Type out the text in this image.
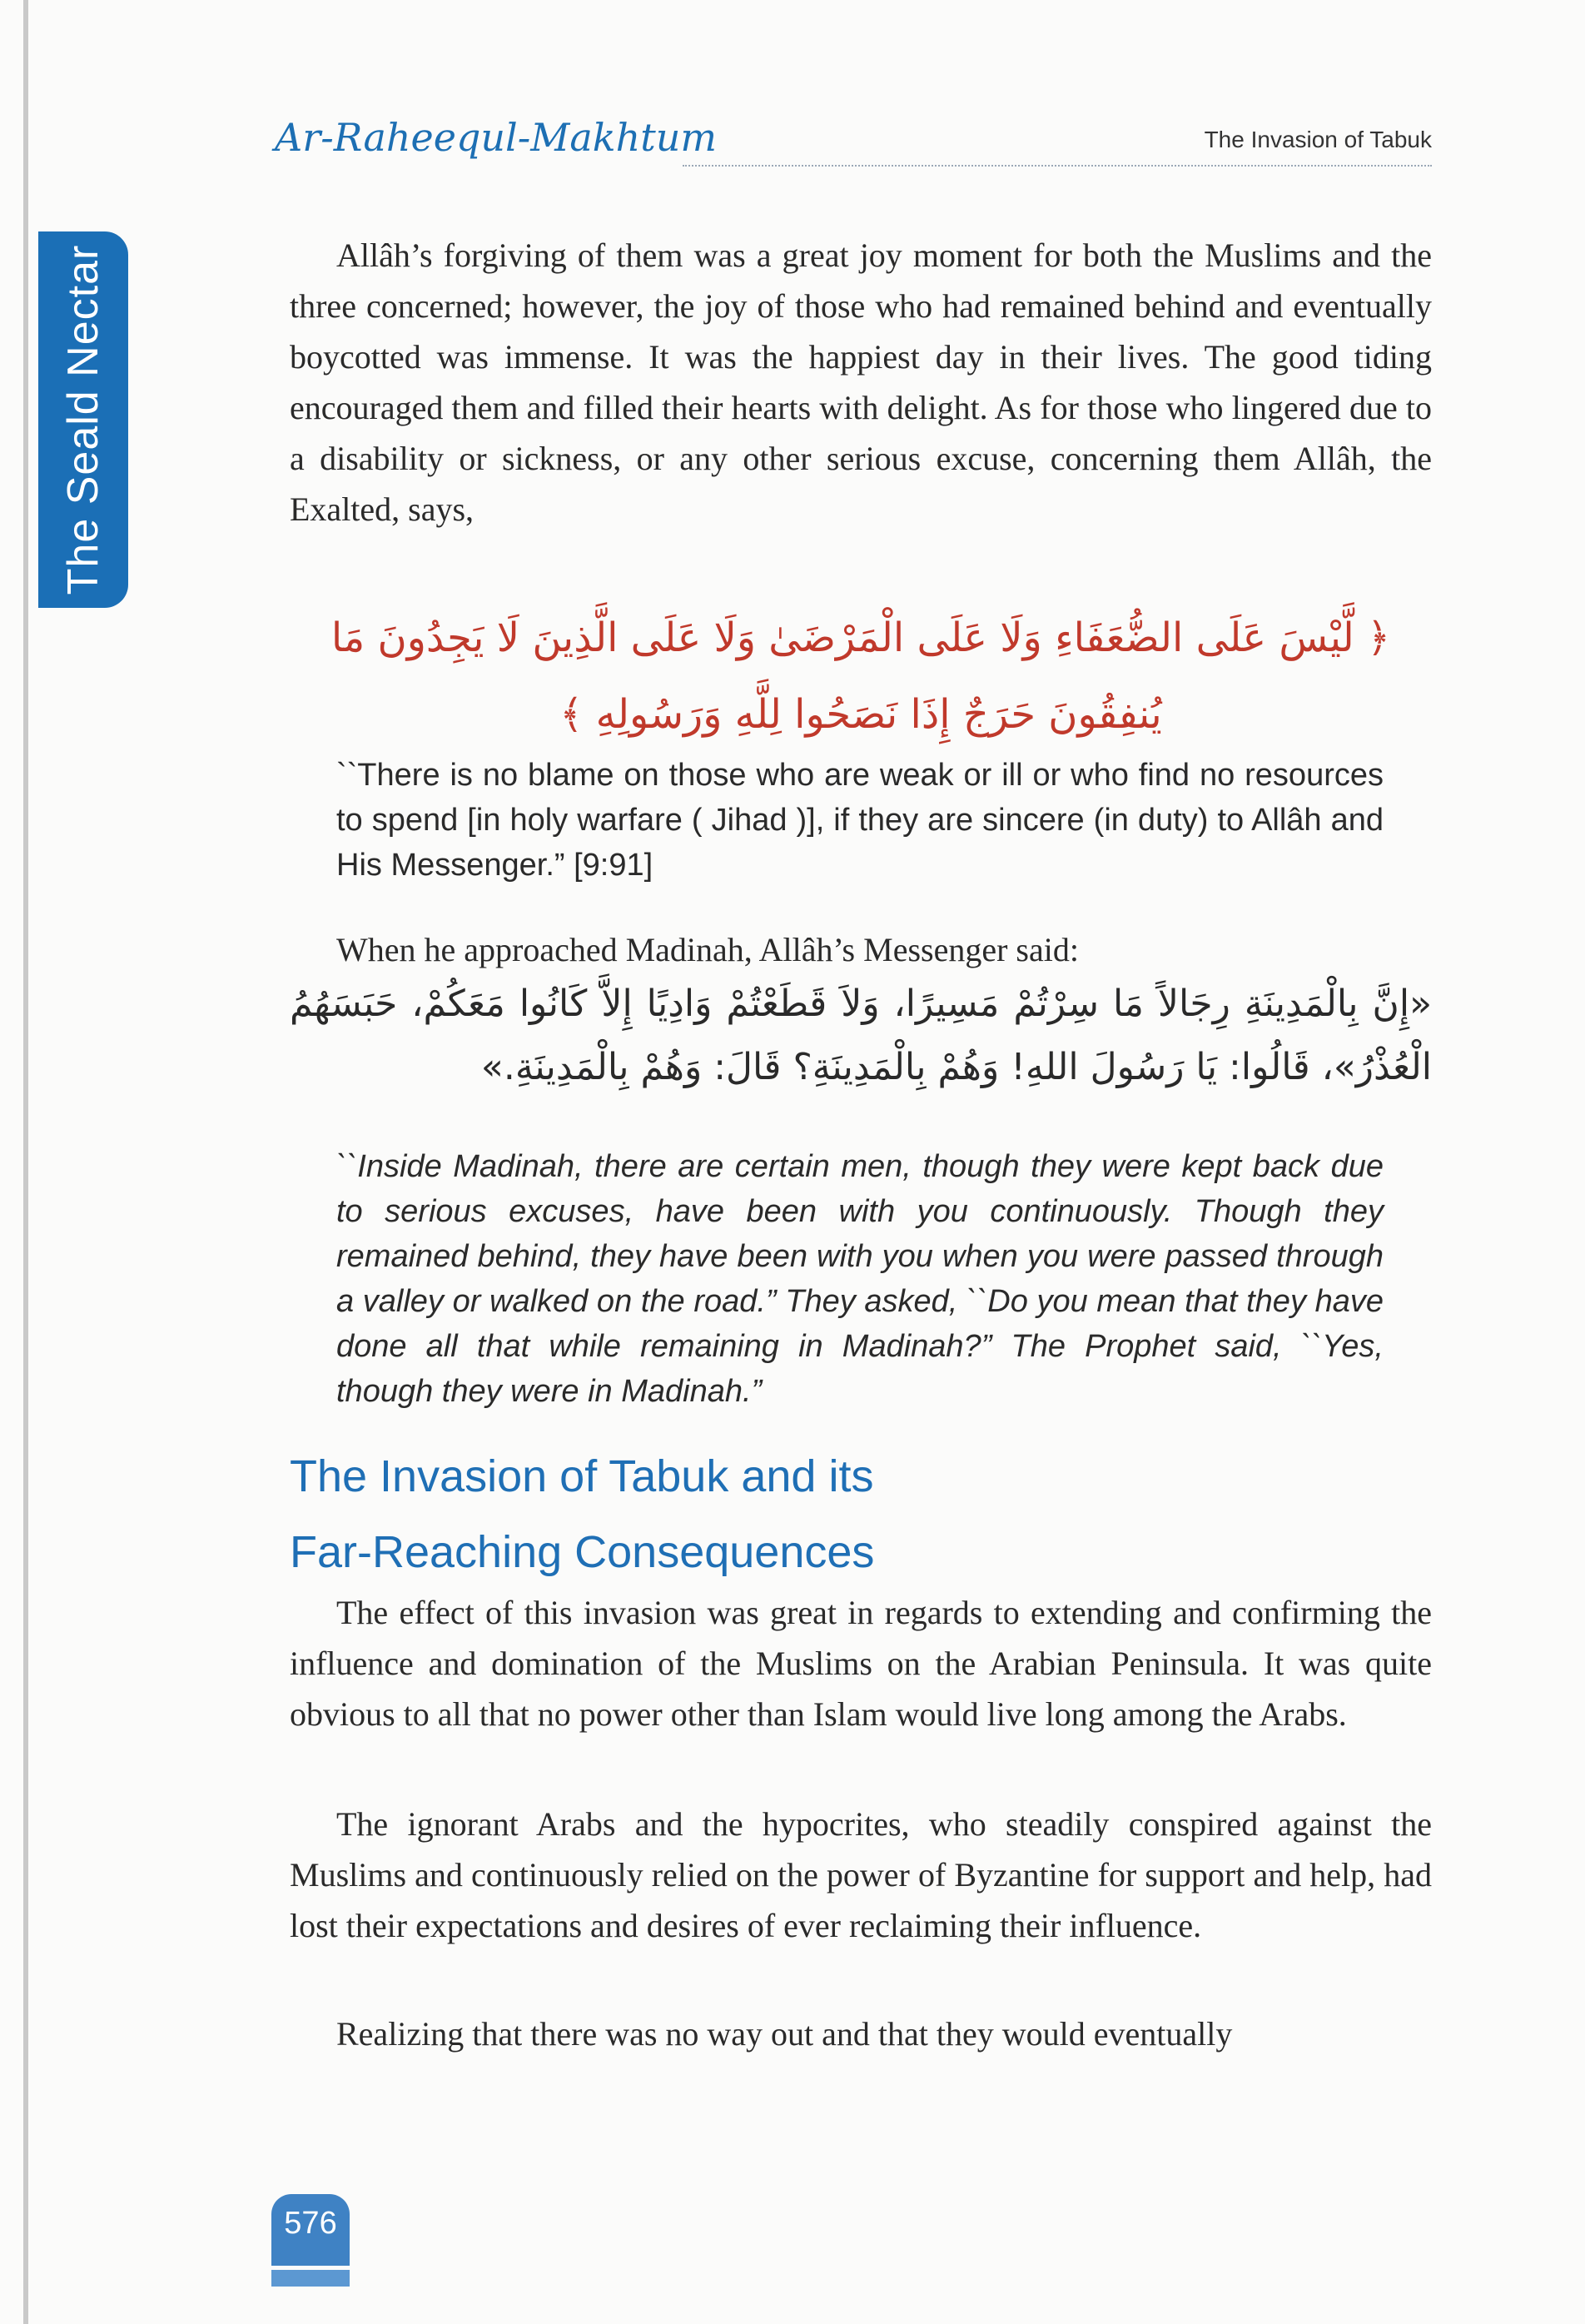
The Seald Nectar
Ar-Raheequl-Makhtum	The Invasion of Tabuk

Allâh’s forgiving of them was a great joy moment for both the Muslims and the three concerned; however, the joy of those who had remained behind and eventually boycotted was immense. It was the happiest day in their lives. The good tiding encouraged them and filled their hearts with delight. As for those who lingered due to a disability or sickness, or any other serious excuse, concerning them Allâh, the Exalted, says,

﴿ لَّيْسَ عَلَى الضُّعَفَاءِ وَلَا عَلَى الْمَرْضَىٰ وَلَا عَلَى الَّذِينَ لَا يَجِدُونَ مَا يُنفِقُونَ حَرَجٌ إِذَا نَصَحُوا لِلَّهِ وَرَسُولِهِ ﴾

``There is no blame on those who are weak or ill or who find no resources to spend [in holy warfare ( Jihad )], if they are sincere (in duty) to Allâh and His Messenger.” [9:91]

When he approached Madinah, Allâh’s Messenger said:

«إِنَّ بِالْمَدِينَةِ رِجَالاً مَا سِرْتُمْ مَسِيرًا، وَلاَ قَطَعْتُمْ وَادِيًا إِلاَّ كَانُوا مَعَكُمْ، حَبَسَهُمُ الْعُذْرُ»، قَالُوا: يَا رَسُولَ اللهِ! وَهُمْ بِالْمَدِينَةِ؟ قَالَ: وَهُمْ بِالْمَدِينَةِ.»

``Inside Madinah, there are certain men, though they were kept back due to serious excuses, have been with you continuously. Though they remained behind, they have been with you when you were passed through a valley or walked on the road.” They asked, ``Do you mean that they have done all that while remaining in Madinah?” The Prophet said, ``Yes, though they were in Madinah.”

The Invasion of Tabuk and its
Far-Reaching Consequences

The effect of this invasion was great in regards to extending and confirming the influence and domination of the Muslims on the Arabian Peninsula. It was quite obvious to all that no power other than Islam would live long among the Arabs.

The ignorant Arabs and the hypocrites, who steadily conspired against the Muslims and continuously relied on the power of Byzantine for support and help, had lost their expectations and desires of ever reclaiming their influence.

Realizing that there was no way out and that they would eventually

576
